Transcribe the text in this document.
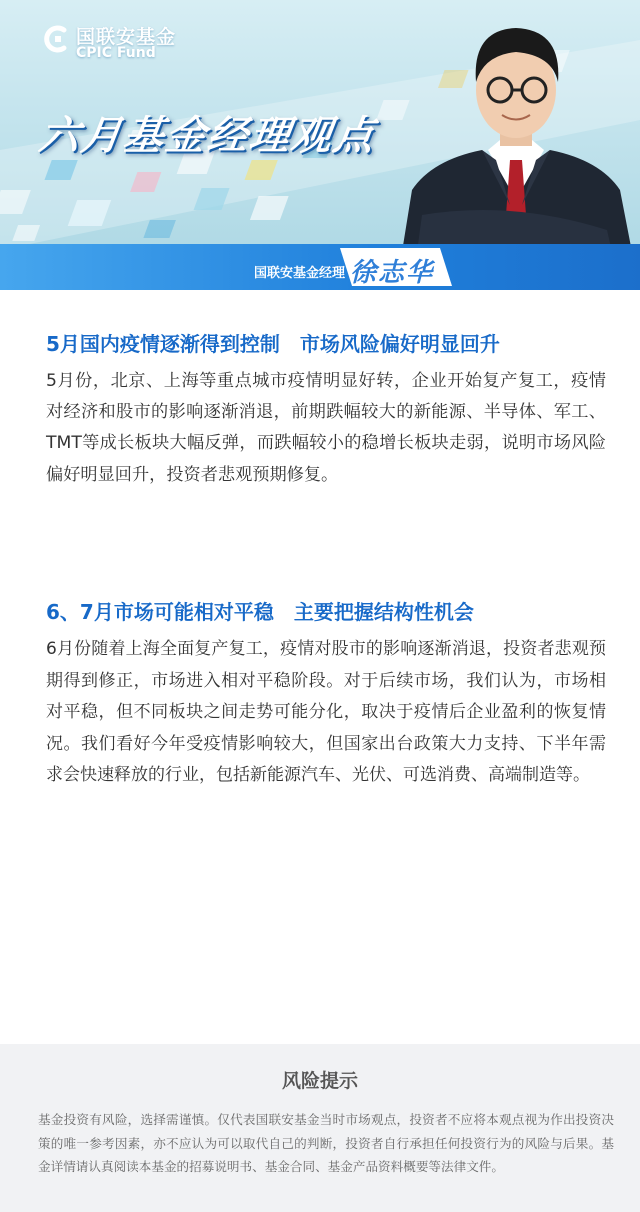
国联安基金
CPIC Fund
六月基金经理观点
国联安基金经理 徐志华
5月国内疫情逐渐得到控制　市场风险偏好明显回升
5月份，北京、上海等重点城市疫情明显好转，企业开始复产复工，疫情对经济和股市的影响逐渐消退，前期跌幅较大的新能源、半导体、军工、TMT等成长板块大幅反弹，而跌幅较小的稳增长板块走弱，说明市场风险偏好明显回升，投资者悲观预期修复。
6、7月市场可能相对平稳　主要把握结构性机会
6月份随着上海全面复产复工，疫情对股市的影响逐渐消退，投资者悲观预期得到修正，市场进入相对平稳阶段。对于后续市场，我们认为，市场相对平稳，但不同板块之间走势可能分化，取决于疫情后企业盈利的恢复情况。我们看好今年受疫情影响较大，但国家出台政策大力支持、下半年需求会快速释放的行业，包括新能源汽车、光伏、可选消费、高端制造等。
风险提示
基金投资有风险，选择需谨慎。仅代表国联安基金当时市场观点，投资者不应将本观点视为作出投资决策的唯一参考因素，亦不应认为可以取代自己的判断，投资者自行承担任何投资行为的风险与后果。基金详情请认真阅读本基金的招募说明书、基金合同、基金产品资料概要等法律文件。
